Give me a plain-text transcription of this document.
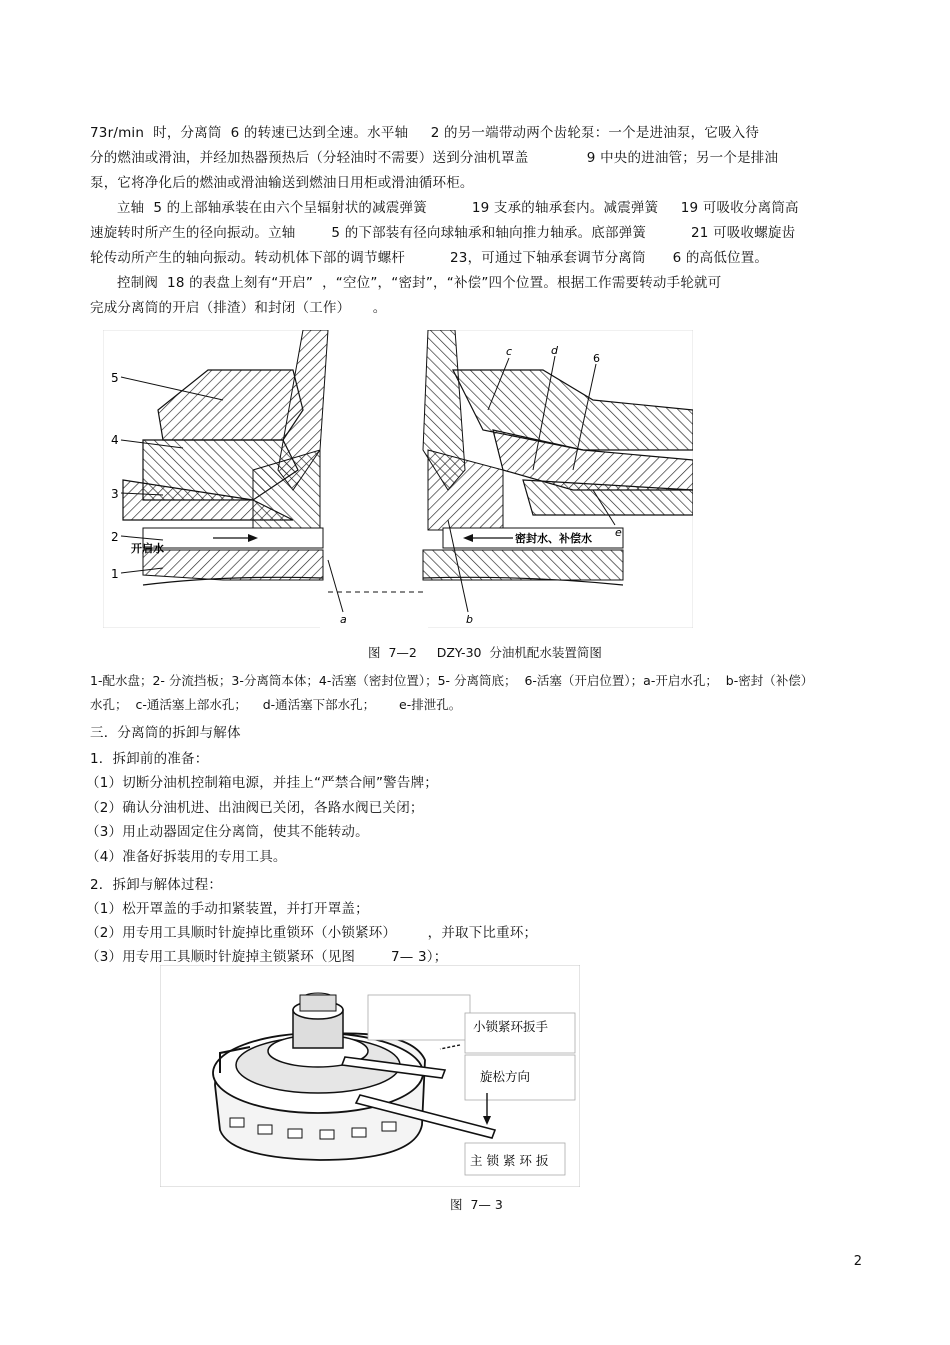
73r/min  时，分离筒  6 的转速已达到全速。水平轴     2 的另一端带动两个齿轮泵：一个是进油泵，它吸入待
分的燃油或滑油，并经加热器预热后（分轻油时不需要）送到分油机罩盖             9 中央的进油管；另一个是排油
泵，它将净化后的燃油或滑油输送到燃油日用柜或滑油循环柜。
立轴  5 的上部轴承装在由六个呈辐射状的减震弹簧          19 支承的轴承套内。减震弹簧     19 可吸收分离筒高
速旋转时所产生的径向振动。立轴        5 的下部装有径向球轴承和轴向推力轴承。底部弹簧          21 可吸收螺旋齿
轮传动所产生的轴向振动。转动机体下部的调节螺杆          23，可通过下轴承套调节分离筒      6 的高低位置。
控制阀  18 的表盘上刻有“开启”  ，“空位”，“密封”，“补偿”四个位置。根据工作需要转动手轮就可
完成分离筒的开启（排渣）和封闭（工作）     。
5
4
3
2
1
c	d
6
e
a	b
开启水
密封水、补偿水
图  7—2     DZY-30  分油机配水装置简图
1-配水盘；2- 分流挡板；3-分离筒本体；4-活塞（密封位置）；5- 分离筒底；  6-活塞（开启位置）；a-开启水孔；  b-密封（补偿）
水孔；  c-通活塞上部水孔；    d-通活塞下部水孔；      e-排泄孔。
三．分离筒的拆卸与解体
1．拆卸前的准备：
（1）切断分油机控制箱电源，并挂上“严禁合闸”警告牌；
（2）确认分油机进、出油阀已关闭，各路水阀已关闭；
（3）用止动器固定住分离筒，使其不能转动。
（4）准备好拆装用的专用工具。
2．拆卸与解体过程：
（1）松开罩盖的手动扣紧装置，并打开罩盖；
（2）用专用工具顺时针旋掉比重锁环（小锁紧环）       ，并取下比重环；
（3）用专用工具顺时针旋掉主锁紧环（见图        7— 3）；
小锁紧环扳手
旋松方向
主 锁 紧 环 扳
图  7— 3
2
